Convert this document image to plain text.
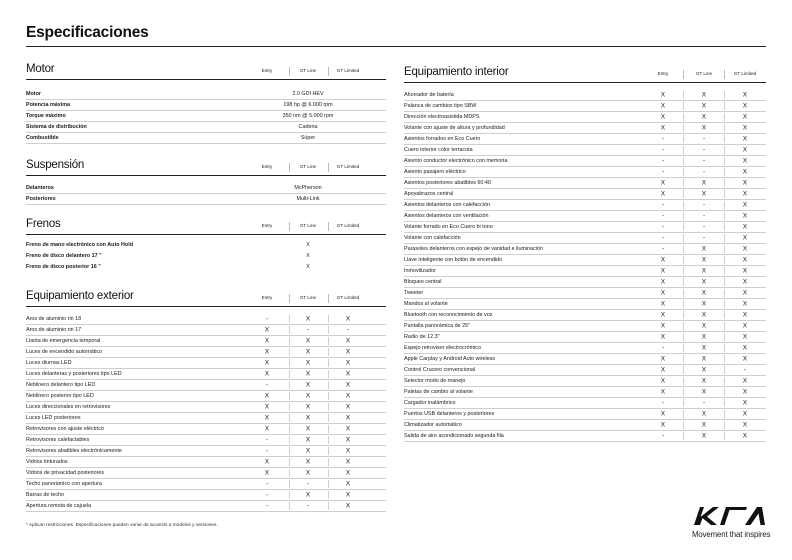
Especificaciones
Motor	Entry	GT Line	GT Limited
Motor	2.0 GDI HEV
Potencia máxima	198 hp @ 6.000 rpm
Torque máximo	350 nm @ 5.000 rpm
Sistema de distribución	Cadena
Combustible	Súper
Suspensión	Entry	GT Line	GT Limited
Delanteros	McPherson
Posteriores	Multi-Link
Frenos	Entry	GT Line	GT Limited
Freno de mano electrónico con Auto Hold	X
Freno de disco delantero 17 "	X
Freno de disco posterior 16 "	X
Equipamiento exterior	Entry	GT Line	GT Limited
Aros de aluminio rin 18	-	X	X
Aros de aluminio rin 17	X	-	-
Llanta de emergencia temporal	X	X	X
Luces de encendido automático	X	X	X
Luces diurnas LED	X	X	X
Luces delanteras y posteriores tipo LED	X	X	X
Neblinero delantero tipo LED	-	X	X
Neblinero posterior tipo LED	X	X	X
Luces direccionales en retrovisores	X	X	X
Luces LED posteriores	X	X	X
Retrovisores con ajuste eléctrico	X	X	X
Retrovisores calefactables	-	X	X
Retrovisores abatibles electrónicamente	-	X	X
Vidrios tinturados	X	X	X
Vidrios de privacidad posteriores	X	X	X
Techo panorámico con apertura	-	-	X
Barras de techo	-	X	X
Apertura remota de cajuela	-	-	X
Equipamiento interior	Entry	GT Line	GT Limited
Ahorrador de batería	X	X	X
Palanca de cambios tipo SBW	X	X	X
Dirección electroasistida MDPS	X	X	X
Volante con ajuste de altura y profundidad	X	X	X
Asientos forrados en Eco Cuero	-	-	X
Cuero interior color terracota	-	-	X
Asiento conductor electrónico con memoria	-	-	X
Asiento pasajero eléctrico	-	-	X
Asientos posteriores abatibles 60:40	X	X	X
Apoyabrazos central	X	X	X
Asientos delanteros con calefacción	-	-	X
Asientos delanteros con ventilación	-	-	X
Volante forrado en Eco Cuero bi tono	-	-	X
Volante con calefacción	-	-	X
Parasoles delanteros con espejo de vanidad e iluminación	-	X	X
Llave inteligente con botón de encendido	X	X	X
Inmovilizador	X	X	X
Bloqueo central	X	X	X
Tweeter	X	X	X
Mandos al volante	X	X	X
Bluetooth con reconocimiento de voz	X	X	X
Pantalla panorámica de 25"	X	X	X
Radio de 12.3"	X	X	X
Espejo retrovisor electrocrómico	-	X	X
Apple Carplay y Android Auto wireless	X	X	X
Control Crucero convencional	X	X	-
Selector modo de manejo	X	X	X
Paletas de cambio al volante	X	X	X
Cargador inalámbrico	-	-	X
Puertos USB delanteros y posteriores	X	X	X
Climatizador automático	X	X	X
Salida de aire acondicionado segunda fila	-	X	X
* Aplican restricciones. Especificaciones pueden variar de acuerdo a modelos y versiones.
Movement that inspires
